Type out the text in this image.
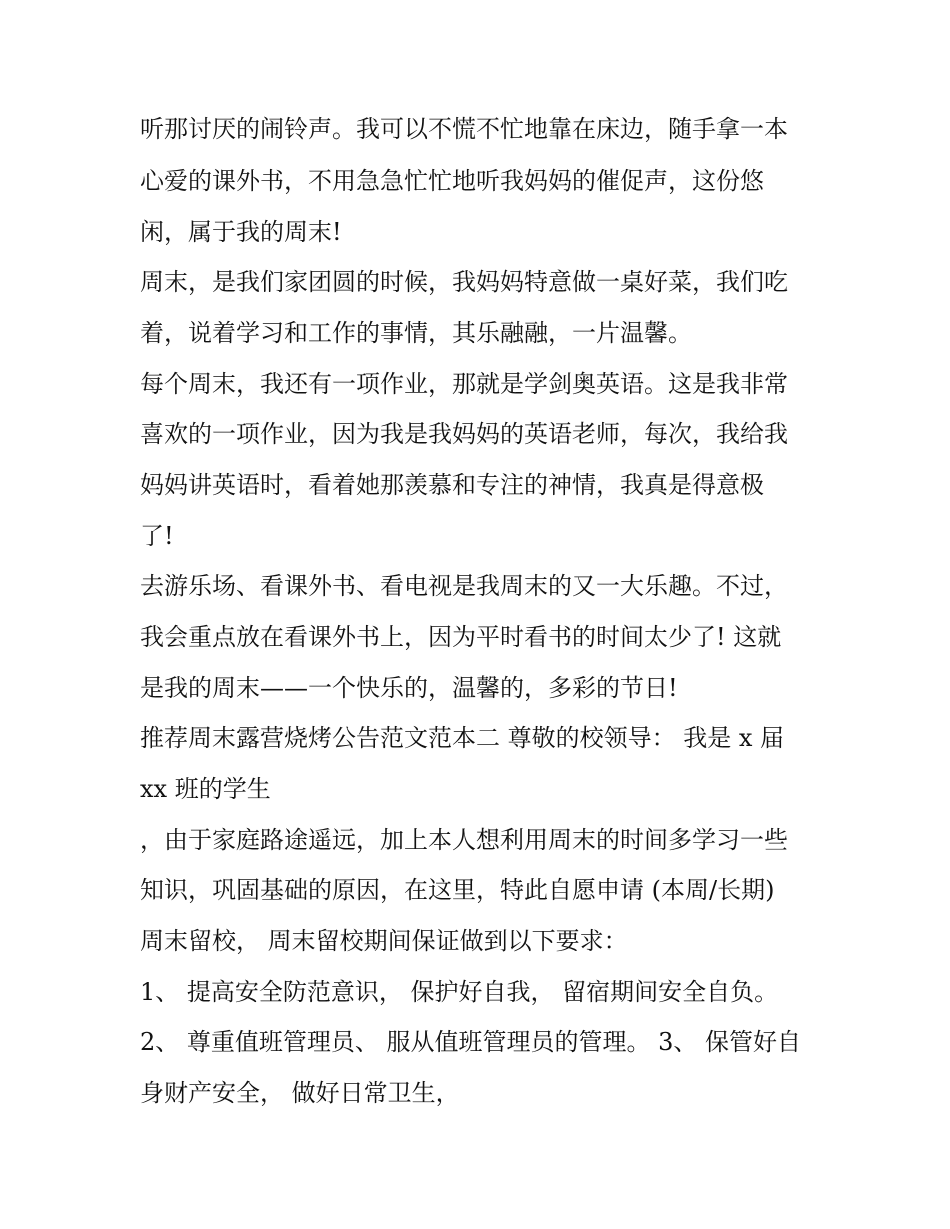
听那讨厌的闹铃声。我可以不慌不忙地靠在床边，随手拿一本
心爱的课外书，不用急急忙忙地听我妈妈的催促声，这份悠
闲，属于我的周末!
周末，是我们家团圆的时候，我妈妈特意做一桌好菜，我们吃
着，说着学习和工作的事情，其乐融融，一片温馨。
每个周末，我还有一项作业，那就是学剑奥英语。这是我非常
喜欢的一项作业，因为我是我妈妈的英语老师，每次，我给我
妈妈讲英语时，看着她那羡慕和专注的神情，我真是得意极
了!
去游乐场、看课外书、看电视是我周末的又一大乐趣。不过，
我会重点放在看课外书上，因为平时看书的时间太少了! 这就
是我的周末——一个快乐的，温馨的，多彩的节日!
推荐周末露营烧烤公告范文范本二 尊敬的校领导： 我是 x 届
xx 班的学生
，由于家庭路途遥远，加上本人想利用周末的时间多学习一些
知识，巩固基础的原因，在这里，特此自愿申请 (本周/长期)
周末留校， 周末留校期间保证做到以下要求：
1、 提高安全防范意识， 保护好自我， 留宿期间安全自负。
2、 尊重值班管理员、 服从值班管理员的管理。 3、 保管好自
身财产安全， 做好日常卫生，
